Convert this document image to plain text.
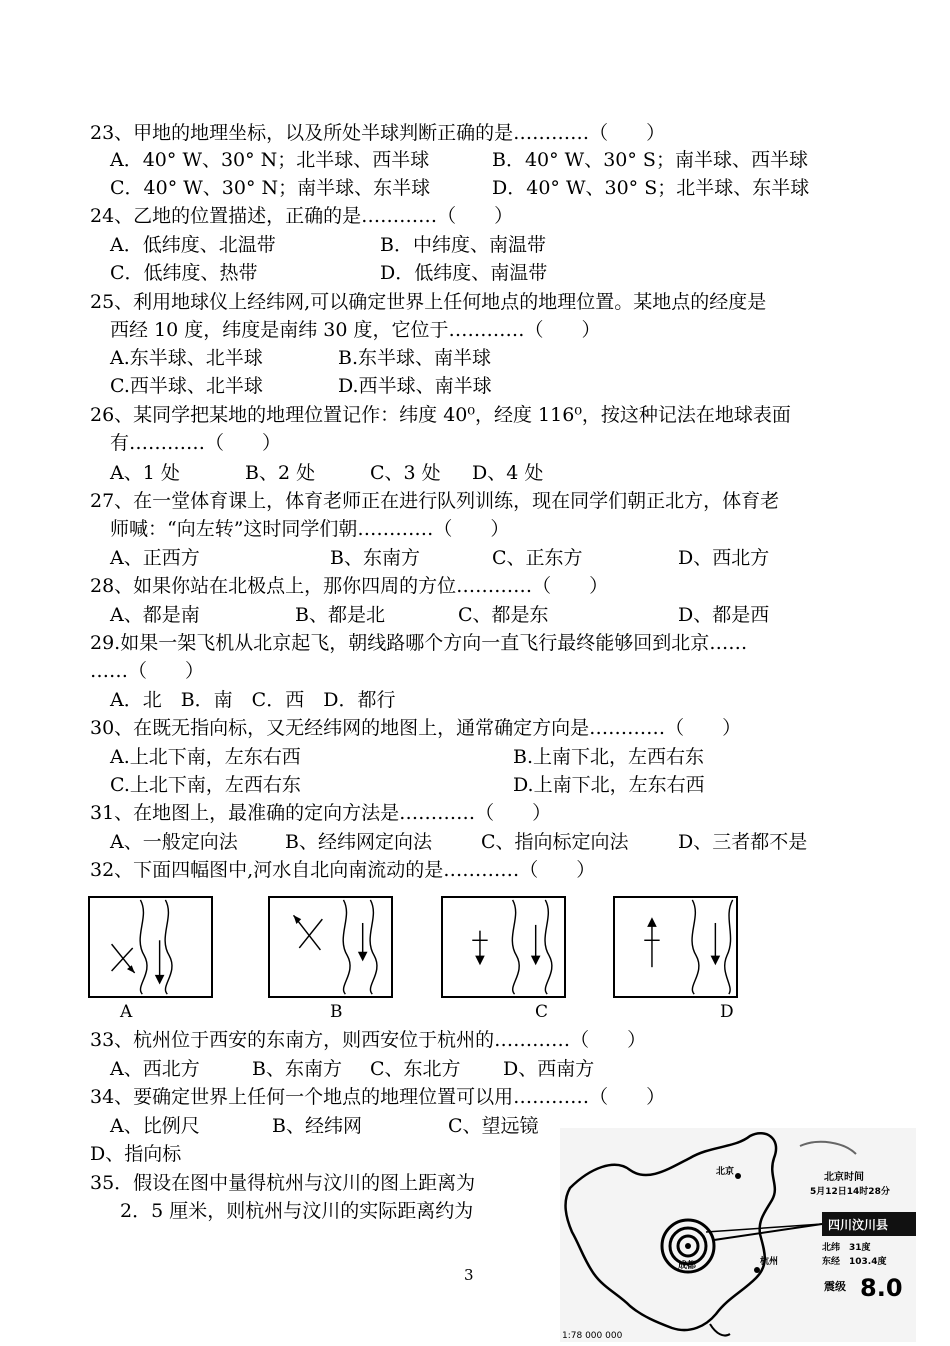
23、甲地的地理坐标，以及所处半球判断正确的是…………（　　）
A．40° W、30° N；北半球、西半球	B．40° W、30° S；南半球、西半球
C．40° W、30° N；南半球、东半球	D．40° W、30° S；北半球、东半球
24、乙地的位置描述，正确的是…………（　　）
A．低纬度、北温带	B．中纬度、南温带
C．低纬度、热带	D．低纬度、南温带
25、利用地球仪上经纬网,可以确定世界上任何地点的地理位置。某地点的经度是
西经 10 度，纬度是南纬 30 度，它位于…………（　　）
A.东半球、北半球	B.东半球、南半球
C.西半球、北半球	D.西半球、南半球
26、某同学把某地的地理位置记作：纬度 40⁰，经度 116⁰，按这种记法在地球表面
有…………（　　）
A、1 处	B、2 处	C、3 处 D、4 处
27、在一堂体育课上，体育老师正在进行队列训练，现在同学们朝正北方，体育老
师喊：“向左转”这时同学们朝…………（　　）
A、正西方	B、东南方	C、正东方	D、西北方
28、如果你站在北极点上，那你四周的方位…………（　　）
A、都是南	B、都是北	C、都是东	D、都是西
29.如果一架飞机从北京起飞，朝线路哪个方向一直飞行最终能够回到北京……
……（　　）
A．北　B．南　C．西　D．都行
30、在既无指向标，又无经纬网的地图上，通常确定方向是…………（　　）
A.上北下南，左东右西	B.上南下北，左西右东
C.上北下南，左西右东	D.上南下北，左东右西
31、在地图上，最准确的定向方法是…………（　　）
A、一般定向法 B、经纬网定向法	C、指向标定向法	D、三者都不是
32、下面四幅图中,河水自北向南流动的是…………（　　）
A	B	C	D
33、杭州位于西安的东南方，则西安位于杭州的…………（　　）
A、西北方	B、东南方 C、东北方 D、西南方
34、要确定世界上任何一个地点的地理位置可以用…………（　　）
A、比例尺	B、经纬网	C、望远镜
D、指向标
35．假设在图中量得杭州与汶川的图上距离为
2．5 厘米，则杭州与汶川的实际距离约为
北京时间
5月12日14时28分
四川汶川县
北纬　31度
东经　103.4度
震级 8.0
北京
成都	杭州
1:78 000 000
3
